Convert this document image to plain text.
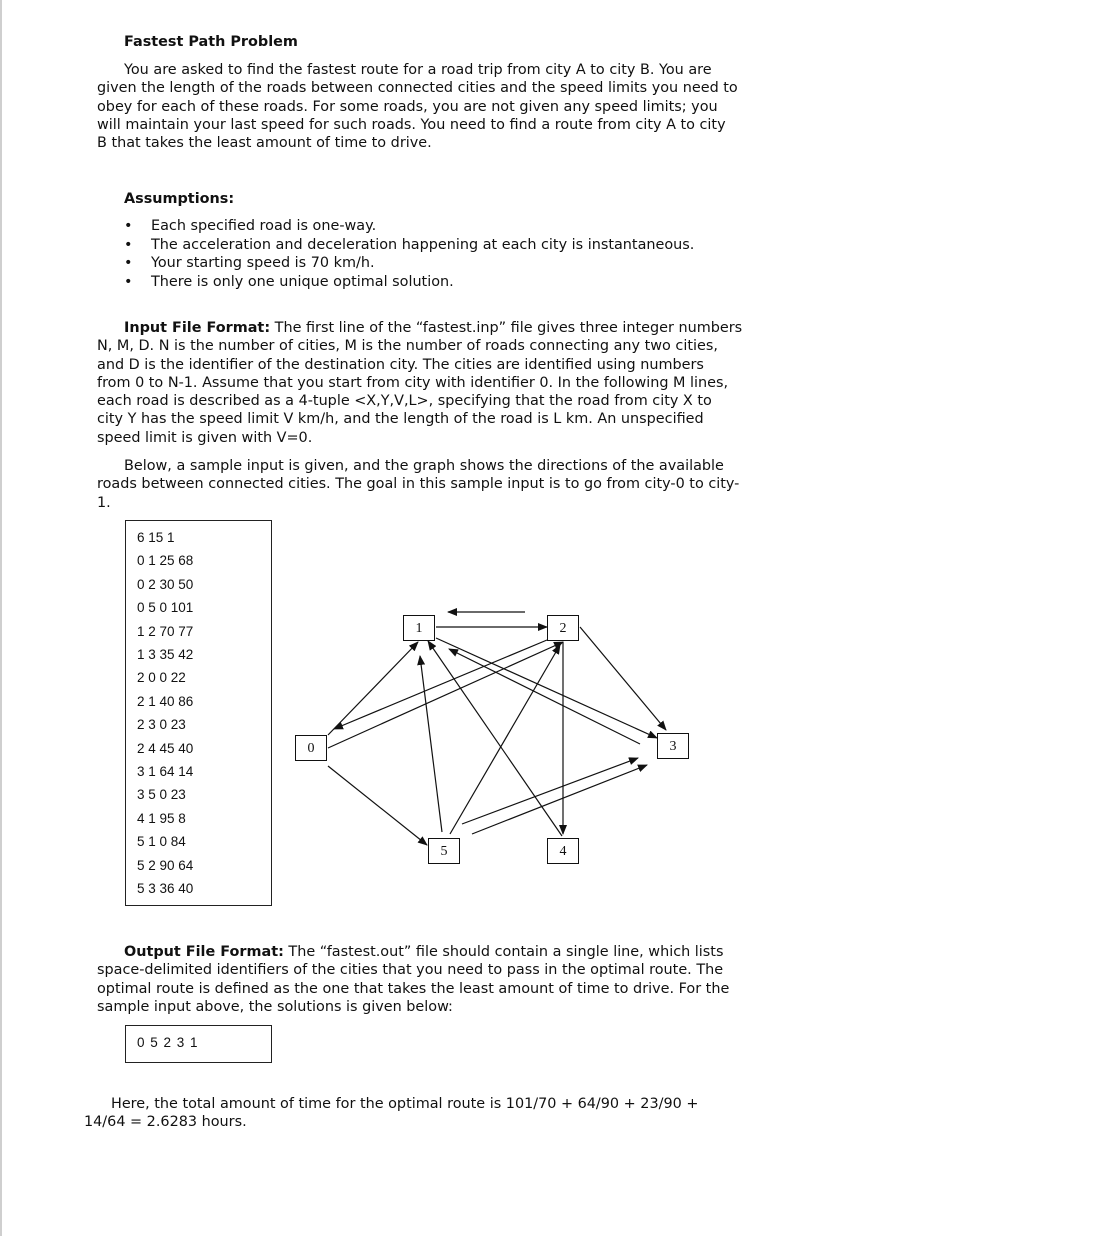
Fastest Path Problem
You are asked to find the fastest route for a road trip from city A to city B. You are
given the length of the roads between connected cities and the speed limits you need to
obey for each of these roads. For some roads, you are not given any speed limits; you
will maintain your last speed for such roads. You need to find a route from city A to city
B that takes the least amount of time to drive.
Assumptions:
• Each specified road is one-way.
• The acceleration and deceleration happening at each city is instantaneous.
• Your starting speed is 70 km/h.
• There is only one unique optimal solution.
Input File Format: The first line of the “fastest.inp” file gives three integer numbers
N, M, D. N is the number of cities, M is the number of roads connecting any two cities,
and D is the identifier of the destination city. The cities are identified using numbers
from 0 to N-1. Assume that you start from city with identifier 0. In the following M lines,
each road is described as a 4-tuple <X,Y,V,L>, specifying that the road from city X to
city Y has the speed limit V km/h, and the length of the road is L km. An unspecified
speed limit is given with V=0.
Below, a sample input is given, and the graph shows the directions of the available
roads between connected cities. The goal in this sample input is to go from city-0 to city-
1.
6 15 1
0 1 25 68
0 2 30 50
0 5 0 101
1 2 70 77
1 3 35 42
2 0 0 22
2 1 40 86
2 3 0 23
2 4 45 40
3 1 64 14
3 5 0 23
4 1 95 8
5 1 0 84
5 2 90 64
5 3 36 40
0
1	2
3
4
5
Output File Format: The “fastest.out” file should contain a single line, which lists
space-delimited identifiers of the cities that you need to pass in the optimal route. The
optimal route is defined as the one that takes the least amount of time to drive. For the
sample input above, the solutions is given below:
0 5 2 3 1
Here, the total amount of time for the optimal route is 101/70 + 64/90 + 23/90 +
14/64 = 2.6283 hours.
